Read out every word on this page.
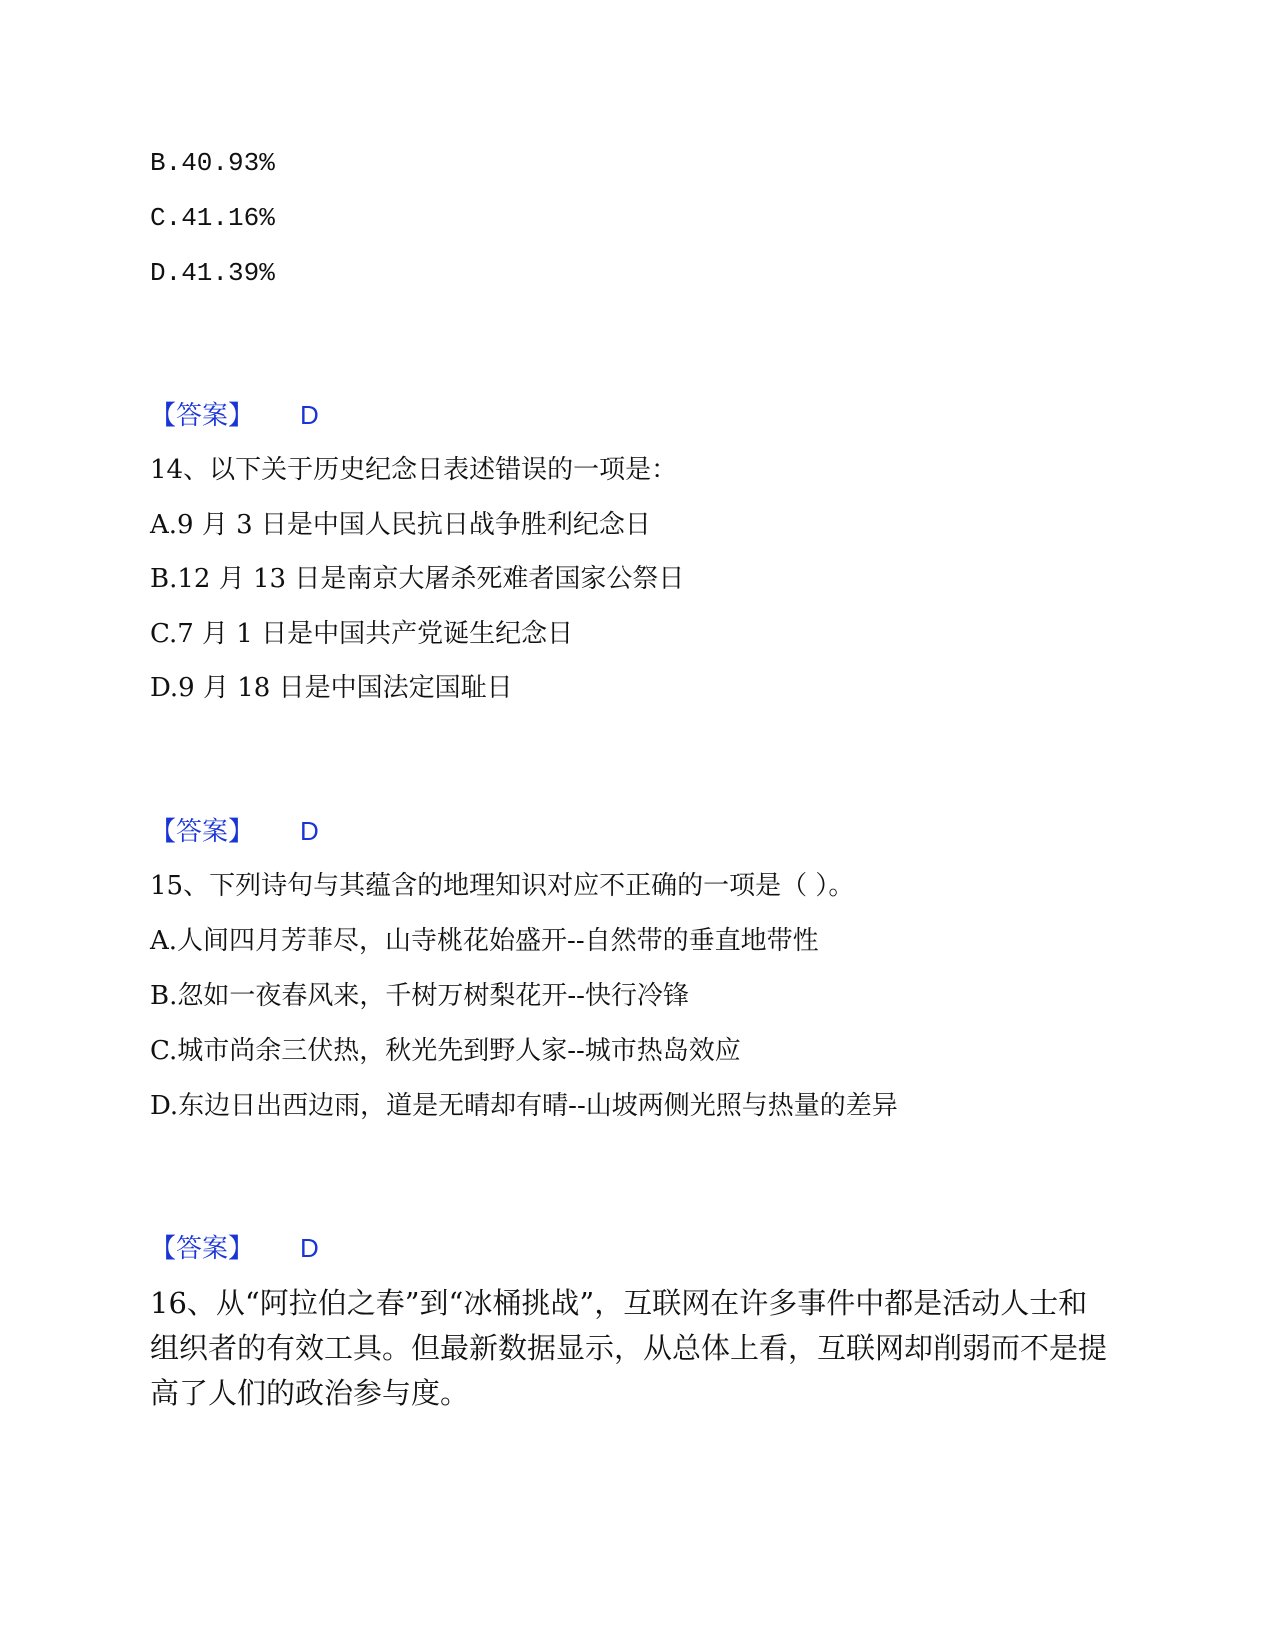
B.40.93%
C.41.16%
D.41.39%
【答案】 D
14、以下关于历史纪念日表述错误的一项是：
A.9 月 3 日是中国人民抗日战争胜利纪念日
B.12 月 13 日是南京大屠杀死难者国家公祭日
C.7 月 1 日是中国共产党诞生纪念日
D.9 月 18 日是中国法定国耻日
【答案】 D
15、下列诗句与其蕴含的地理知识对应不正确的一项是（ ）。
A.人间四月芳菲尽，山寺桃花始盛开--自然带的垂直地带性
B.忽如一夜春风来，千树万树梨花开--快行冷锋
C.城市尚余三伏热，秋光先到野人家--城市热岛效应
D.东边日出西边雨，道是无晴却有晴--山坡两侧光照与热量的差异
【答案】 D
16、从“阿拉伯之春”到“冰桶挑战”，互联网在许多事件中都是活动人士和组织者的有效工具。但最新数据显示，从总体上看，互联网却削弱而不是提高了人们的政治参与度。
